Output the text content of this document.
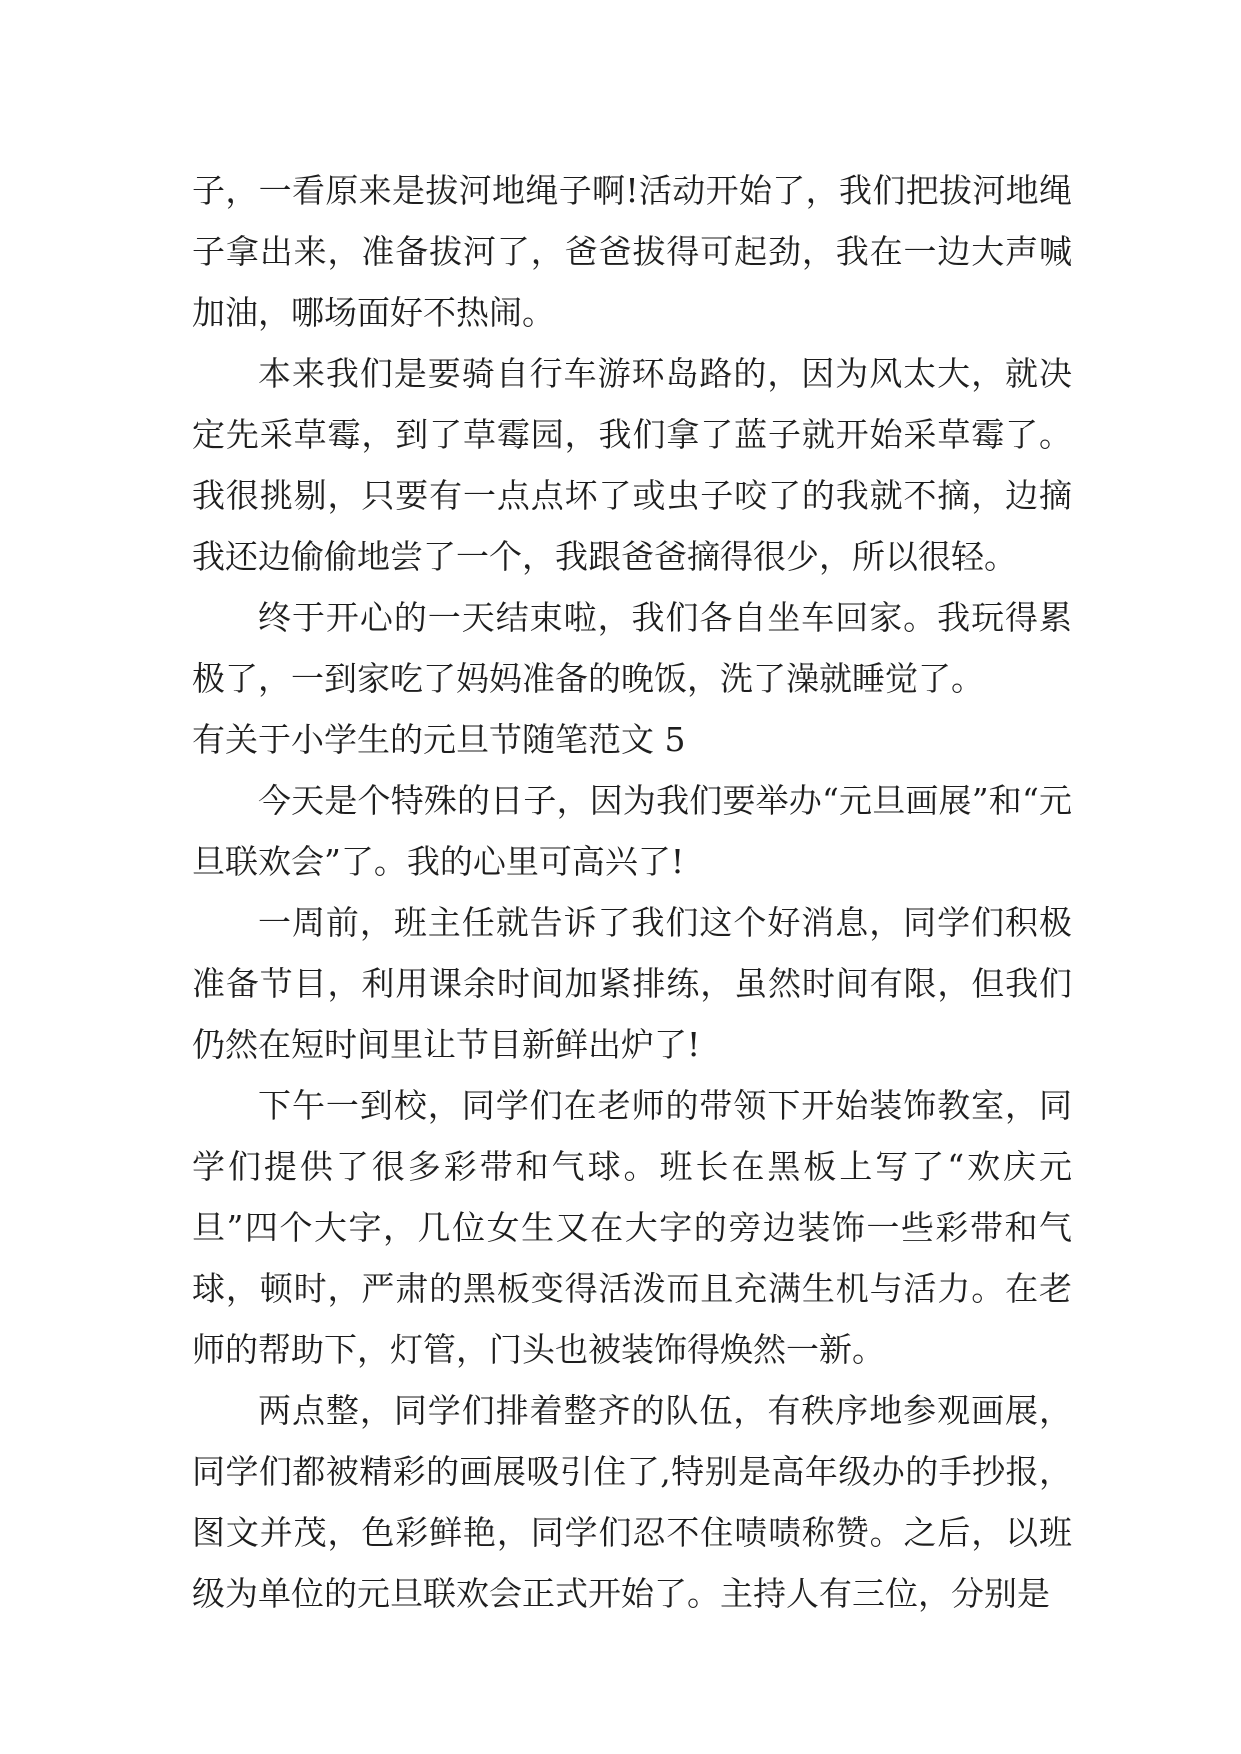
子，一看原来是拔河地绳子啊!活动开始了，我们把拔河地绳子拿出来，准备拔河了，爸爸拔得可起劲，我在一边大声喊加油，哪场面好不热闹。

本来我们是要骑自行车游环岛路的，因为风太大，就决定先采草霉，到了草霉园，我们拿了蓝子就开始采草霉了。我很挑剔，只要有一点点坏了或虫子咬了的我就不摘，边摘我还边偷偷地尝了一个，我跟爸爸摘得很少，所以很轻。

终于开心的一天结束啦，我们各自坐车回家。我玩得累极了，一到家吃了妈妈准备的晚饭，洗了澡就睡觉了。

有关于小学生的元旦节随笔范文 5

今天是个特殊的日子，因为我们要举办“元旦画展”和“元旦联欢会”了。我的心里可高兴了!

一周前，班主任就告诉了我们这个好消息，同学们积极准备节目，利用课余时间加紧排练，虽然时间有限，但我们仍然在短时间里让节目新鲜出炉了!

下午一到校，同学们在老师的带领下开始装饰教室，同学们提供了很多彩带和气球。班长在黑板上写了“欢庆元旦”四个大字，几位女生又在大字的旁边装饰一些彩带和气球，顿时，严肃的黑板变得活泼而且充满生机与活力。在老师的帮助下，灯管，门头也被装饰得焕然一新。

两点整，同学们排着整齐的队伍，有秩序地参观画展，同学们都被精彩的画展吸引住了,特别是高年级办的手抄报，图文并茂，色彩鲜艳，同学们忍不住啧啧称赞。之后，以班级为单位的元旦联欢会正式开始了。主持人有三位，分别是
